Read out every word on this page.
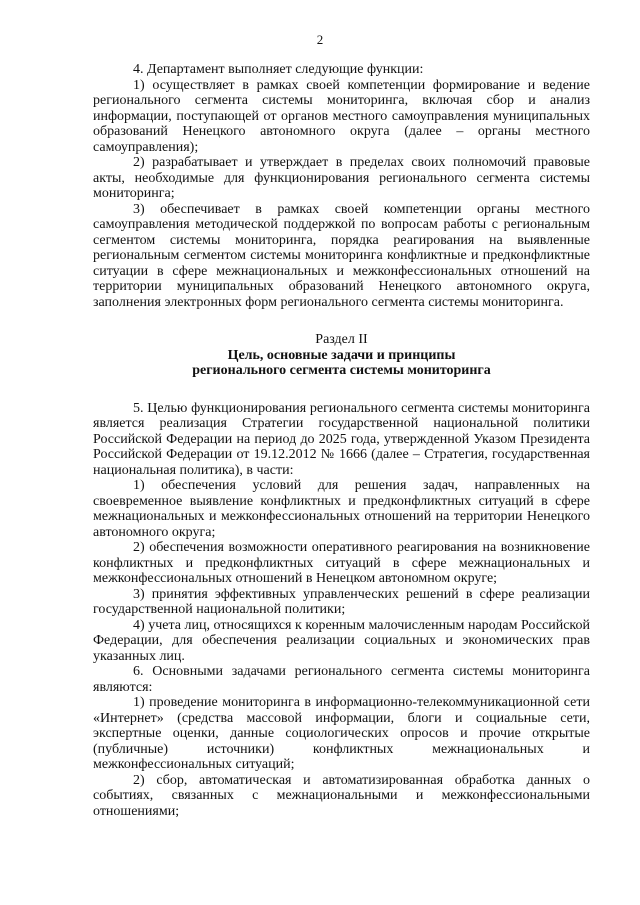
2

4. Департамент выполняет следующие функции:

1) осуществляет в рамках своей компетенции формирование и ведение регионального сегмента системы мониторинга, включая сбор и анализ информации, поступающей от органов местного самоуправления муниципальных образований Ненецкого автономного округа (далее – органы местного самоуправления);

2) разрабатывает и утверждает в пределах своих полномочий правовые акты, необходимые для функционирования регионального сегмента системы мониторинга;

3) обеспечивает в рамках своей компетенции органы местного самоуправления методической поддержкой по вопросам работы с региональным сегментом системы мониторинга, порядка реагирования на выявленные региональным сегментом системы мониторинга конфликтные и предконфликтные ситуации в сфере межнациональных и межконфессиональных отношений на территории муниципальных образований Ненецкого автономного округа, заполнения электронных форм регионального сегмента системы мониторинга.

Раздел II

Цель, основные задачи и принципы

регионального сегмента системы мониторинга

5. Целью функционирования регионального сегмента системы мониторинга является реализация Стратегии государственной национальной политики Российской Федерации на период до 2025 года, утвержденной Указом Президента Российской Федерации от 19.12.2012 № 1666 (далее – Стратегия, государственная национальная политика), в части:

1) обеспечения условий для решения задач, направленных на своевременное выявление конфликтных и предконфликтных ситуаций в сфере межнациональных и межконфессиональных отношений на территории Ненецкого автономного округа;

2) обеспечения возможности оперативного реагирования на возникновение конфликтных и предконфликтных ситуаций в сфере межнациональных и межконфессиональных отношений в Ненецком автономном округе;

3) принятия эффективных управленческих решений в сфере реализации государственной национальной политики;

4) учета лиц, относящихся к коренным малочисленным народам Российской Федерации, для обеспечения реализации социальных и экономических прав указанных лиц.

6. Основными задачами регионального сегмента системы мониторинга являются:

1) проведение мониторинга в информационно-телекоммуникационной сети «Интернет» (средства массовой информации, блоги и социальные сети, экспертные оценки, данные социологических опросов и прочие открытые (публичные) источники) конфликтных межнациональных и межконфессиональных ситуаций;

2) сбор, автоматическая и автоматизированная обработка данных о событиях, связанных с межнациональными и межконфессиональными отношениями;
